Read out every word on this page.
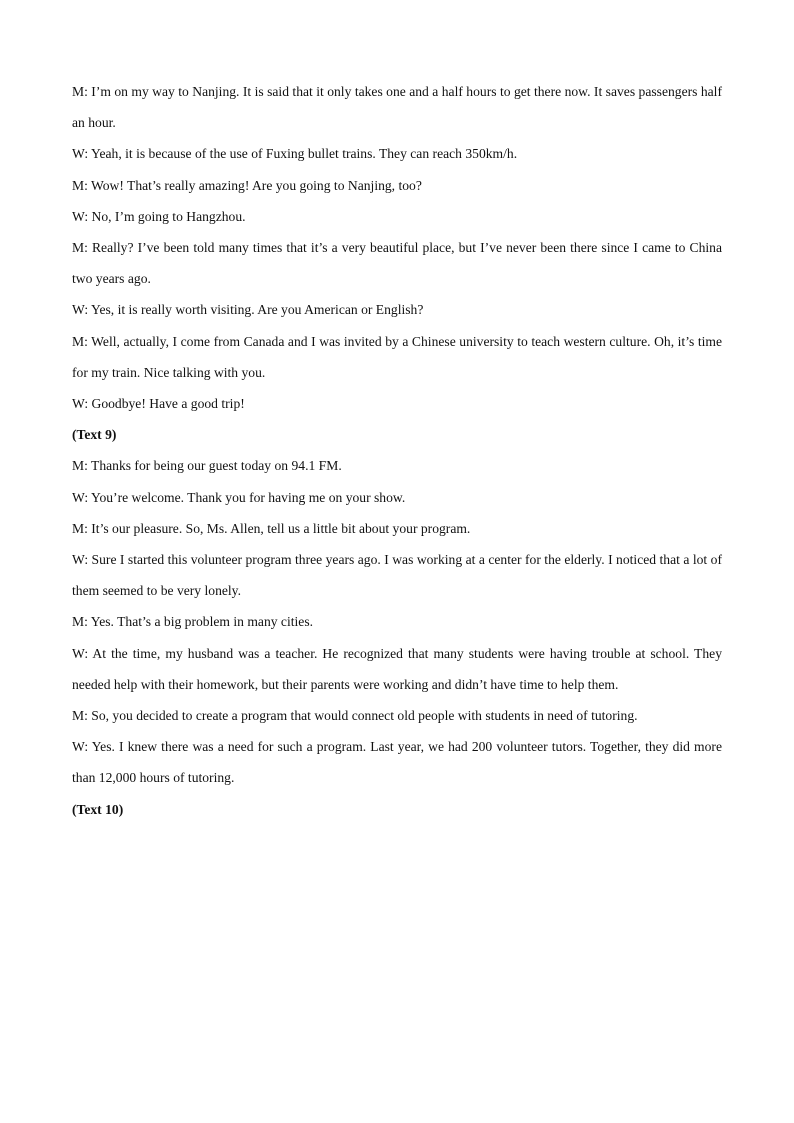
M: I’m on my way to Nanjing. It is said that it only takes one and a half hours to get there now. It saves passengers half an hour.

W: Yeah, it is because of the use of Fuxing bullet trains. They can reach 350km/h.

M: Wow! That’s really amazing! Are you going to Nanjing, too?

W: No, I’m going to Hangzhou.

M: Really? I’ve been told many times that it’s a very beautiful place, but I’ve never been there since I came to China two years ago.

W: Yes, it is really worth visiting. Are you American or English?

M: Well, actually, I come from Canada and I was invited by a Chinese university to teach western culture. Oh, it’s time for my train. Nice talking with you.

W: Goodbye! Have a good trip!

(Text 9)

M: Thanks for being our guest today on 94.1 FM.

W: You’re welcome. Thank you for having me on your show.

M: It’s our pleasure. So, Ms. Allen, tell us a little bit about your program.

W: Sure I started this volunteer program three years ago. I was working at a center for the elderly. I noticed that a lot of them seemed to be very lonely.

M: Yes. That’s a big problem in many cities.

W: At the time, my husband was a teacher. He recognized that many students were having trouble at school. They needed help with their homework, but their parents were working and didn’t have time to help them.

M: So, you decided to create a program that would connect old people with students in need of tutoring.

W: Yes. I knew there was a need for such a program. Last year, we had 200 volunteer tutors. Together, they did more than 12,000 hours of tutoring.

(Text 10)
